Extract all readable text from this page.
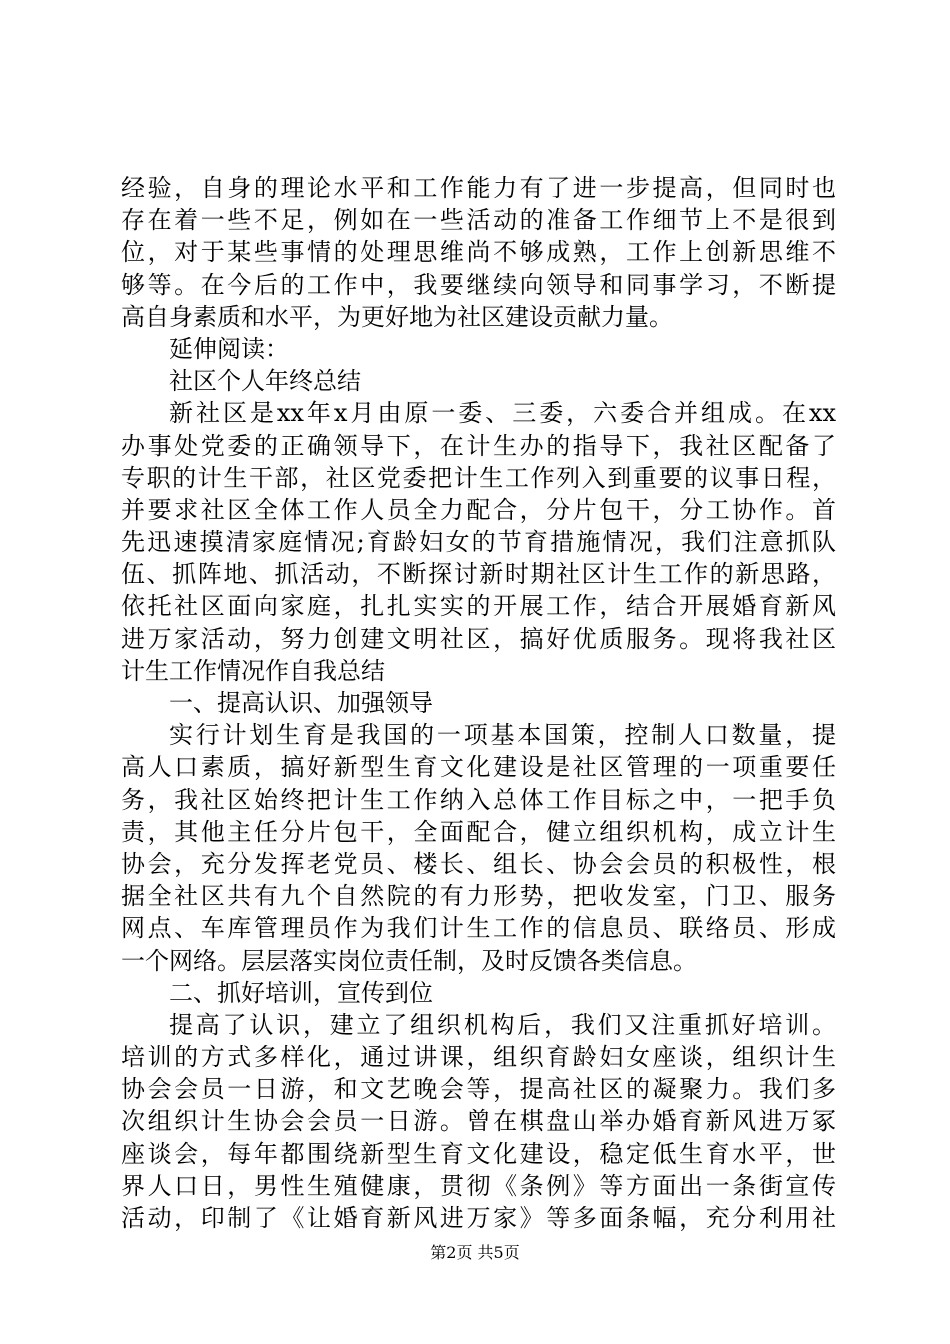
经验，自身的理论水平和工作能力有了进一步提高，但同时也
存在着一些不足，例如在一些活动的准备工作细节上不是很到
位，对于某些事情的处理思维尚不够成熟，工作上创新思维不
够等。在今后的工作中，我要继续向领导和同事学习，不断提
高自身素质和水平，为更好地为社区建设贡献力量。
延伸阅读：
社区个人年终总结
新社区是xx年x月由原一委、三委，六委合并组成。在xx
办事处党委的正确领导下，在计生办的指导下，我社区配备了
专职的计生干部，社区党委把计生工作列入到重要的议事日程，
并要求社区全体工作人员全力配合，分片包干，分工协作。首
先迅速摸清家庭情况;育龄妇女的节育措施情况，我们注意抓队
伍、抓阵地、抓活动，不断探讨新时期社区计生工作的新思路，
依托社区面向家庭，扎扎实实的开展工作，结合开展婚育新风
进万家活动，努力创建文明社区，搞好优质服务。现将我社区
计生工作情况作自我总结
一、提高认识、加强领导
实行计划生育是我国的一项基本国策，控制人口数量，提
高人口素质，搞好新型生育文化建设是社区管理的一项重要任
务，我社区始终把计生工作纳入总体工作目标之中，一把手负
责，其他主任分片包干，全面配合，健立组织机构，成立计生
协会，充分发挥老党员、楼长、组长、协会会员的积极性，根
据全社区共有九个自然院的有力形势，把收发室，门卫、服务
网点、车库管理员作为我们计生工作的信息员、联络员、形成
一个网络。层层落实岗位责任制，及时反馈各类信息。
二、抓好培训，宣传到位
提高了认识，建立了组织机构后，我们又注重抓好培训。
培训的方式多样化，通过讲课，组织育龄妇女座谈，组织计生
协会会员一日游，和文艺晚会等，提高社区的凝聚力。我们多
次组织计生协会会员一日游。曾在棋盘山举办婚育新风进万冢
座谈会，每年都围绕新型生育文化建设，稳定低生育水平，世
界人口日，男性生殖健康，贯彻《条例》等方面出一条街宣传
活动，印制了《让婚育新风进万家》等多面条幅，充分利用社
第2页 共5页
